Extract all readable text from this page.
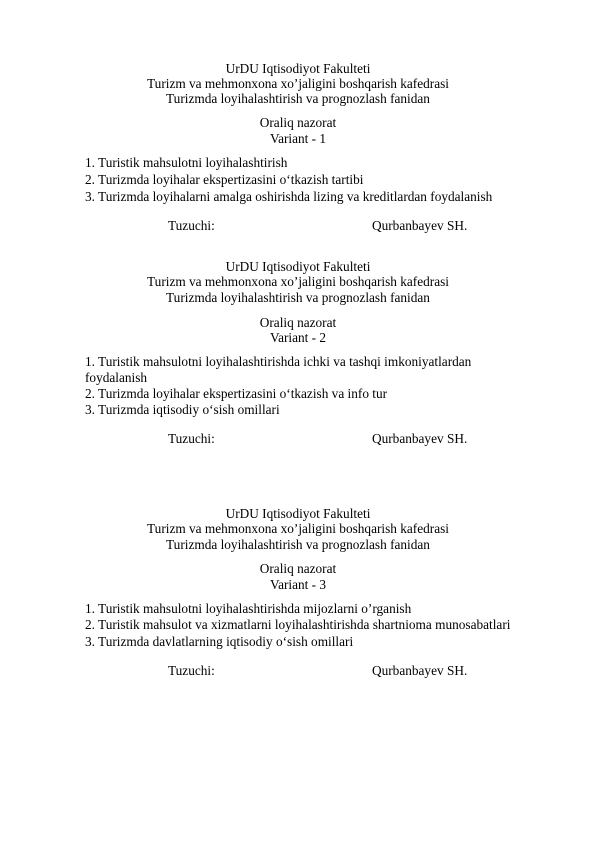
UrDU Iqtisodiyot Fakulteti
Turizm va mehmonxona xo’jaligini boshqarish kafedrasi
Turizmda loyihalashtirish va prognozlash fanidan
Oraliq nazorat
Variant - 1
1. Turistik mahsulotni loyihalashtirish
2. Turizmda loyihalar ekspertizasini o‘tkazish tartibi
3. Turizmda loyihalarni amalga oshirishda lizing va kreditlardan foydalanish
Tuzuchi:	Qurbanbayev SH.
UrDU Iqtisodiyot Fakulteti
Turizm va mehmonxona xo’jaligini boshqarish kafedrasi
Turizmda loyihalashtirish va prognozlash fanidan
Oraliq nazorat
Variant - 2
1. Turistik mahsulotni loyihalashtirishda ichki va tashqi imkoniyatlardan
foydalanish
2. Turizmda loyihalar ekspertizasini o‘tkazish va info tur
3. Turizmda iqtisodiy o‘sish omillari
Tuzuchi:	Qurbanbayev SH.
UrDU Iqtisodiyot Fakulteti
Turizm va mehmonxona xo’jaligini boshqarish kafedrasi
Turizmda loyihalashtirish va prognozlash fanidan
Oraliq nazorat
Variant - 3
1. Turistik mahsulotni loyihalashtirishda mijozlarni o’rganish
2. Turistik mahsulot va xizmatlarni loyihalashtirishda shartnioma munosabatlari
3. Turizmda davlatlarning iqtisodiy o‘sish omillari
Tuzuchi:	Qurbanbayev SH.
